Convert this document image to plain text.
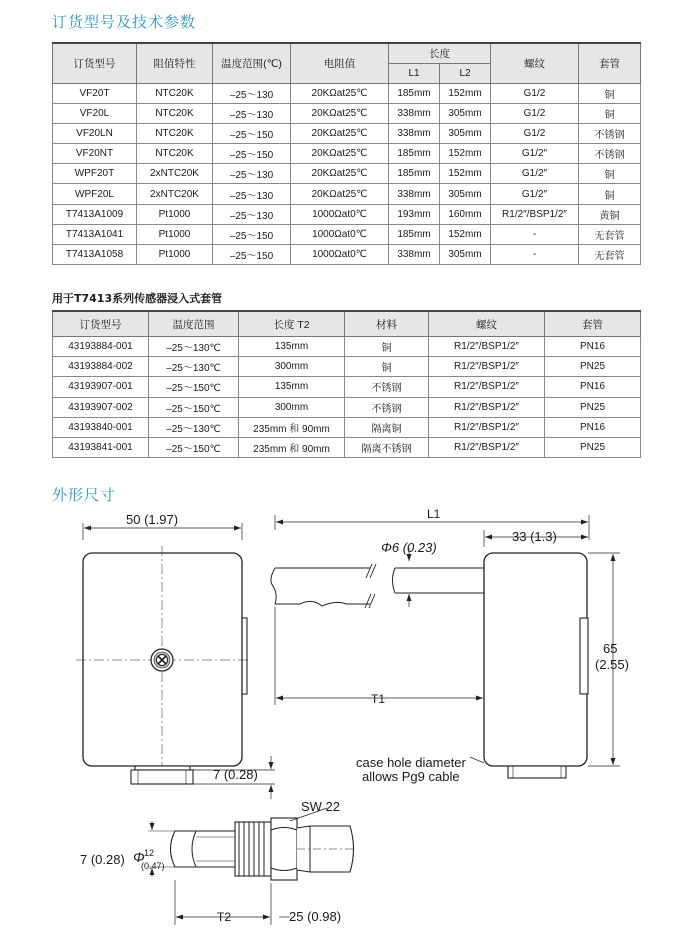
订货型号及技术参数
订货型号	阻值特性	温度范围(℃)	电阻值	长度		螺纹	套管
				L1	L2		
VF20T	NTC20K	–25～130	20KΩat25℃	185mm	152mm	G1/2	铜
VF20L	NTC20K	–25～130	20KΩat25℃	338mm	305mm	G1/2	铜
VF20LN	NTC20K	–25～150	20KΩat25℃	338mm	305mm	G1/2	不锈钢
VF20NT	NTC20K	–25～150	20KΩat25℃	185mm	152mm	G1/2″	不锈钢
WPF20T	2xNTC20K	–25～130	20KΩat25℃	185mm	152mm	G1/2″	铜
WPF20L	2xNTC20K	–25～130	20KΩat25℃	338mm	305mm	G1/2″	铜
T7413A1009	Pt1000	–25～130	1000Ωat0℃	193mm	160mm	R1/2″/BSP1/2″	黄铜
T7413A1041	Pt1000	–25～150	1000Ωat0℃	185mm	152mm	-	无套管
T7413A1058	Pt1000	–25～150	1000Ωat0℃	338mm	305mm	-	无套管
用于T7413系列传感器浸入式套管
订货型号	温度范围	长度 T2	材料	螺纹	套管
43193884-001	–25～130℃	135mm	铜	R1/2″/BSP1/2″	PN16
43193884-002	–25～130℃	300mm	铜	R1/2″/BSP1/2″	PN25
43193907-001	–25～150℃	135mm	不锈钢	R1/2″/BSP1/2″	PN16
43193907-002	–25～150℃	300mm	不锈钢	R1/2″/BSP1/2″	PN25
43193840-001	–25～130℃	235mm 和 90mm	隔离铜	R1/2″/BSP1/2″	PN16
43193841-001	–25～150℃	235mm 和 90mm	隔离不锈钢	R1/2″/BSP1/2″	PN25
外形尺寸
50 (1.97)
7 (0.28)
L1
33 (1.3)
Φ6 (0.23)
65
(2.55)
T1
case hole diameter
allows Pg9 cable
SW 22
7 (0.28) Φ 12
(0.47)
T2	25 (0.98)
